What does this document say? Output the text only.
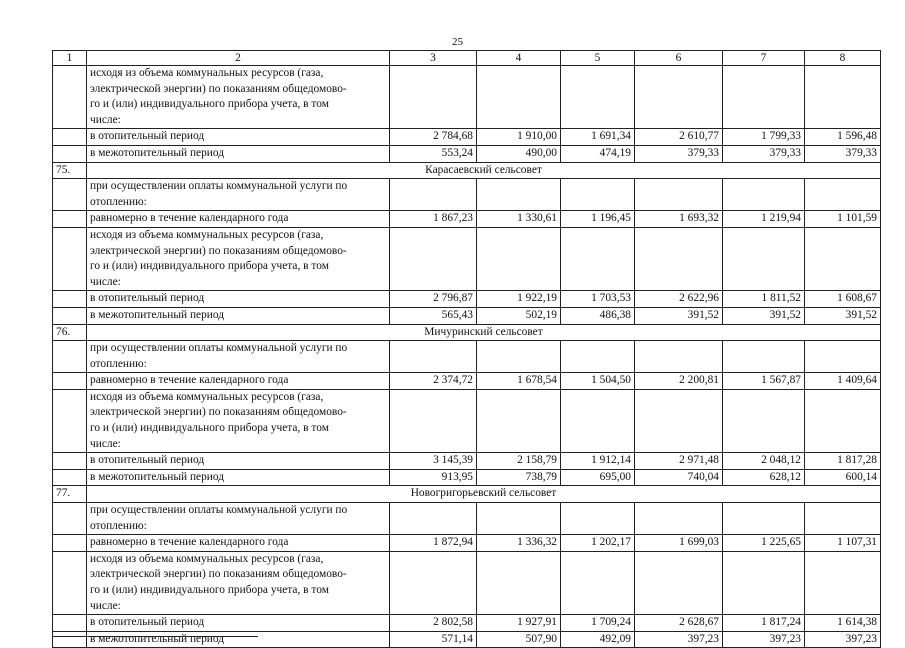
25
1	2	3	4	5	6	7	8

	исходя из объема коммунальных ресурсов (газа,
электрической энергии) по показаниям общедомово-
го и (или) индивидуального прибора учета, в том
числе:						

	в отопительный период	2 784,68	1 910,00	1 691,34	2 610,77	1 799,33	1 596,48
	в межотопительный период	553,24	490,00	474,19	379,33	379,33	379,33
75.	Карасаевский сельсовет						

	при осуществлении оплаты коммунальной услуги по
отоплению:						

	равномерно в течение календарного года	1 867,23	1 330,61	1 196,45	1 693,32	1 219,94	1 101,59

	исходя из объема коммунальных ресурсов (газа,
электрической энергии) по показаниям общедомово-
го и (или) индивидуального прибора учета, в том
числе:						

	в отопительный период	2 796,87	1 922,19	1 703,53	2 622,96	1 811,52	1 608,67
	в межотопительный период	565,43	502,19	486,38	391,52	391,52	391,52
76.	Мичуринский сельсовет						

	при осуществлении оплаты коммунальной услуги по
отоплению:						

	равномерно в течение календарного года	2 374,72	1 678,54	1 504,50	2 200,81	1 567,87	1 409,64

	исходя из объема коммунальных ресурсов (газа,
электрической энергии) по показаниям общедомово-
го и (или) индивидуального прибора учета, в том
числе:						

	в отопительный период	3 145,39	2 158,79	1 912,14	2 971,48	2 048,12	1 817,28
	в межотопительный период	913,95	738,79	695,00	740,04	628,12	600,14
77.	Новогригорьевский сельсовет						

	при осуществлении оплаты коммунальной услуги по
отоплению:						

	равномерно в течение календарного года	1 872,94	1 336,32	1 202,17	1 699,03	1 225,65	1 107,31

	исходя из объема коммунальных ресурсов (газа,
электрической энергии) по показаниям общедомово-
го и (или) индивидуального прибора учета, в том
числе:						

	в отопительный период	2 802,58	1 927,91	1 709,24	2 628,67	1 817,24	1 614,38
	в межотопительный период	571,14	507,90	492,09	397,23	397,23	397,23
